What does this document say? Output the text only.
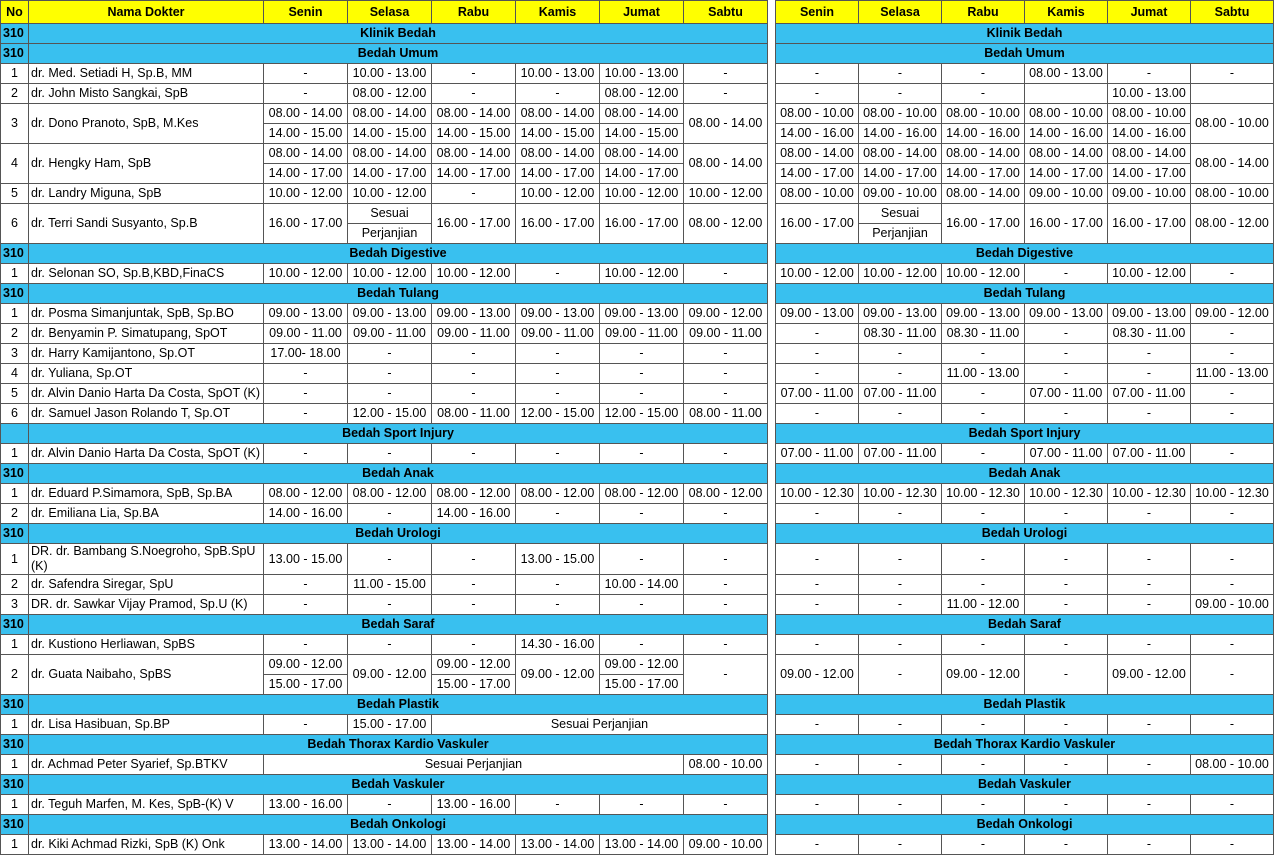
No	Nama Dokter	Senin	Selasa	Rabu	Kamis	Jumat	Sabtu		Senin	Selasa	Rabu	Kamis	Jumat	Sabtu
310	Klinik Bedah								Klinik Bedah					
310	Bedah Umum								Bedah Umum					
1	dr. Med. Setiadi H, Sp.B, MM	-	10.00 - 13.00	-	10.00 - 13.00	10.00 - 13.00	-		-	-	-	08.00 - 13.00	-	-
2	dr. John Misto Sangkai, SpB	-	08.00 - 12.00	-	-	08.00 - 12.00	-		-	-	-		10.00 - 13.00	
3	dr. Dono Pranoto, SpB, M.Kes	08.00 - 14.00	08.00 - 14.00	08.00 - 14.00	08.00 - 14.00	08.00 - 14.00	08.00 - 14.00		08.00 - 10.00	08.00 - 10.00	08.00 - 10.00	08.00 - 10.00	08.00 - 10.00	08.00 - 10.00
		14.00 - 15.00	14.00 - 15.00	14.00 - 15.00	14.00 - 15.00	14.00 - 15.00			14.00 - 16.00	14.00 - 16.00	14.00 - 16.00	14.00 - 16.00	14.00 - 16.00	
4	dr. Hengky Ham, SpB	08.00 - 14.00	08.00 - 14.00	08.00 - 14.00	08.00 - 14.00	08.00 - 14.00	08.00 - 14.00		08.00 - 14.00	08.00 - 14.00	08.00 - 14.00	08.00 - 14.00	08.00 - 14.00	08.00 - 14.00
		14.00 - 17.00	14.00 - 17.00	14.00 - 17.00	14.00 - 17.00	14.00 - 17.00			14.00 - 17.00	14.00 - 17.00	14.00 - 17.00	14.00 - 17.00	14.00 - 17.00	
5	dr. Landry Miguna, SpB	10.00 - 12.00	10.00 - 12.00	-	10.00 - 12.00	10.00 - 12.00	10.00 - 12.00		08.00 - 10.00	09.00 - 10.00	08.00 - 14.00	09.00 - 10.00	09.00 - 10.00	08.00 - 10.00
6	dr. Terri Sandi Susyanto, Sp.B	16.00 - 17.00	Sesuai	16.00 - 17.00	16.00 - 17.00	16.00 - 17.00	08.00 - 12.00		16.00 - 17.00	Sesuai	16.00 - 17.00	16.00 - 17.00	16.00 - 17.00	08.00 - 12.00
			Perjanjian							Perjanjian				
310	Bedah Digestive								Bedah Digestive					
1	dr. Selonan SO, Sp.B,KBD,FinaCS	10.00 - 12.00	10.00 - 12.00	10.00 - 12.00	-	10.00 - 12.00	-		10.00 - 12.00	10.00 - 12.00	10.00 - 12.00	-	10.00 - 12.00	-
310	Bedah Tulang								Bedah Tulang					
1	dr. Posma Simanjuntak, SpB, Sp.BO	09.00 - 13.00	09.00 - 13.00	09.00 - 13.00	09.00 - 13.00	09.00 - 13.00	09.00 - 12.00		09.00 - 13.00	09.00 - 13.00	09.00 - 13.00	09.00 - 13.00	09.00 - 13.00	09.00 - 12.00
2	dr. Benyamin P. Simatupang, SpOT	09.00 - 11.00	09.00 - 11.00	09.00 - 11.00	09.00 - 11.00	09.00 - 11.00	09.00 - 11.00		-	08.30 - 11.00	08.30 - 11.00	-	08.30 - 11.00	-
3	dr. Harry Kamijantono, Sp.OT	17.00- 18.00	-	-	-	-	-		-	-	-	-	-	-
4	dr. Yuliana, Sp.OT	-	-	-	-	-	-		-	-	11.00 - 13.00	-	-	11.00 - 13.00
5	dr. Alvin Danio Harta Da Costa, SpOT (K)	-	-	-	-	-	-		07.00 - 11.00	07.00 - 11.00	-	07.00 - 11.00	07.00 - 11.00	-
6	dr. Samuel Jason Rolando T, Sp.OT	-	12.00 - 15.00	08.00 - 11.00	12.00 - 15.00	12.00 - 15.00	08.00 - 11.00		-	-	-	-	-	-
	Bedah Sport Injury								Bedah Sport Injury					
1	dr. Alvin Danio Harta Da Costa, SpOT (K)	-	-	-	-	-	-		07.00 - 11.00	07.00 - 11.00	-	07.00 - 11.00	07.00 - 11.00	-
310	Bedah Anak								Bedah Anak					
1	dr. Eduard P.Simamora, SpB, Sp.BA	08.00 - 12.00	08.00 - 12.00	08.00 - 12.00	08.00 - 12.00	08.00 - 12.00	08.00 - 12.00		10.00 - 12.30	10.00 - 12.30	10.00 - 12.30	10.00 - 12.30	10.00 - 12.30	10.00 - 12.30
2	dr. Emiliana Lia, Sp.BA	14.00 - 16.00	-	14.00 - 16.00	-	-	-		-	-	-	-	-	-
310	Bedah Urologi								Bedah Urologi					
1	DR. dr. Bambang S.Noegroho, SpB.SpU (K)	13.00 - 15.00	-	-	13.00 - 15.00	-	-		-	-	-	-	-	-
2	dr. Safendra Siregar, SpU	-	11.00 - 15.00	-	-	10.00 - 14.00	-		-	-	-	-	-	-
3	DR. dr. Sawkar Vijay Pramod, Sp.U (K)	-	-	-	-	-	-		-	-	11.00 - 12.00	-	-	09.00 - 10.00
310	Bedah Saraf								Bedah Saraf					
1	dr. Kustiono Herliawan, SpBS	-	-	-	14.30 - 16.00	-	-		-	-	-	-	-	-
2	dr. Guata Naibaho, SpBS	09.00 - 12.00	09.00 - 12.00	09.00 - 12.00	09.00 - 12.00	09.00 - 12.00	-		09.00 - 12.00	-	09.00 - 12.00	-	09.00 - 12.00	-
		15.00 - 17.00		15.00 - 17.00		15.00 - 17.00								
310	Bedah Plastik								Bedah Plastik					
1	dr. Lisa Hasibuan, Sp.BP	-	15.00 - 17.00	Sesuai Perjanjian					-	-	-	-	-	-
310	Bedah Thorax Kardio Vaskuler								Bedah Thorax Kardio Vaskuler					
1	dr. Achmad Peter Syarief, Sp.BTKV	Sesuai Perjanjian					08.00 - 10.00		-	-	-	-	-	08.00 - 10.00
310	Bedah Vaskuler								Bedah Vaskuler					
1	dr. Teguh Marfen, M. Kes, SpB-(K) V	13.00 - 16.00	-	13.00 - 16.00	-	-	-		-	-	-	-	-	-
310	Bedah Onkologi								Bedah Onkologi					
1	dr. Kiki Achmad Rizki, SpB (K) Onk	13.00 - 14.00	13.00 - 14.00	13.00 - 14.00	13.00 - 14.00	13.00 - 14.00	09.00 - 10.00		-	-	-	-	-	-
